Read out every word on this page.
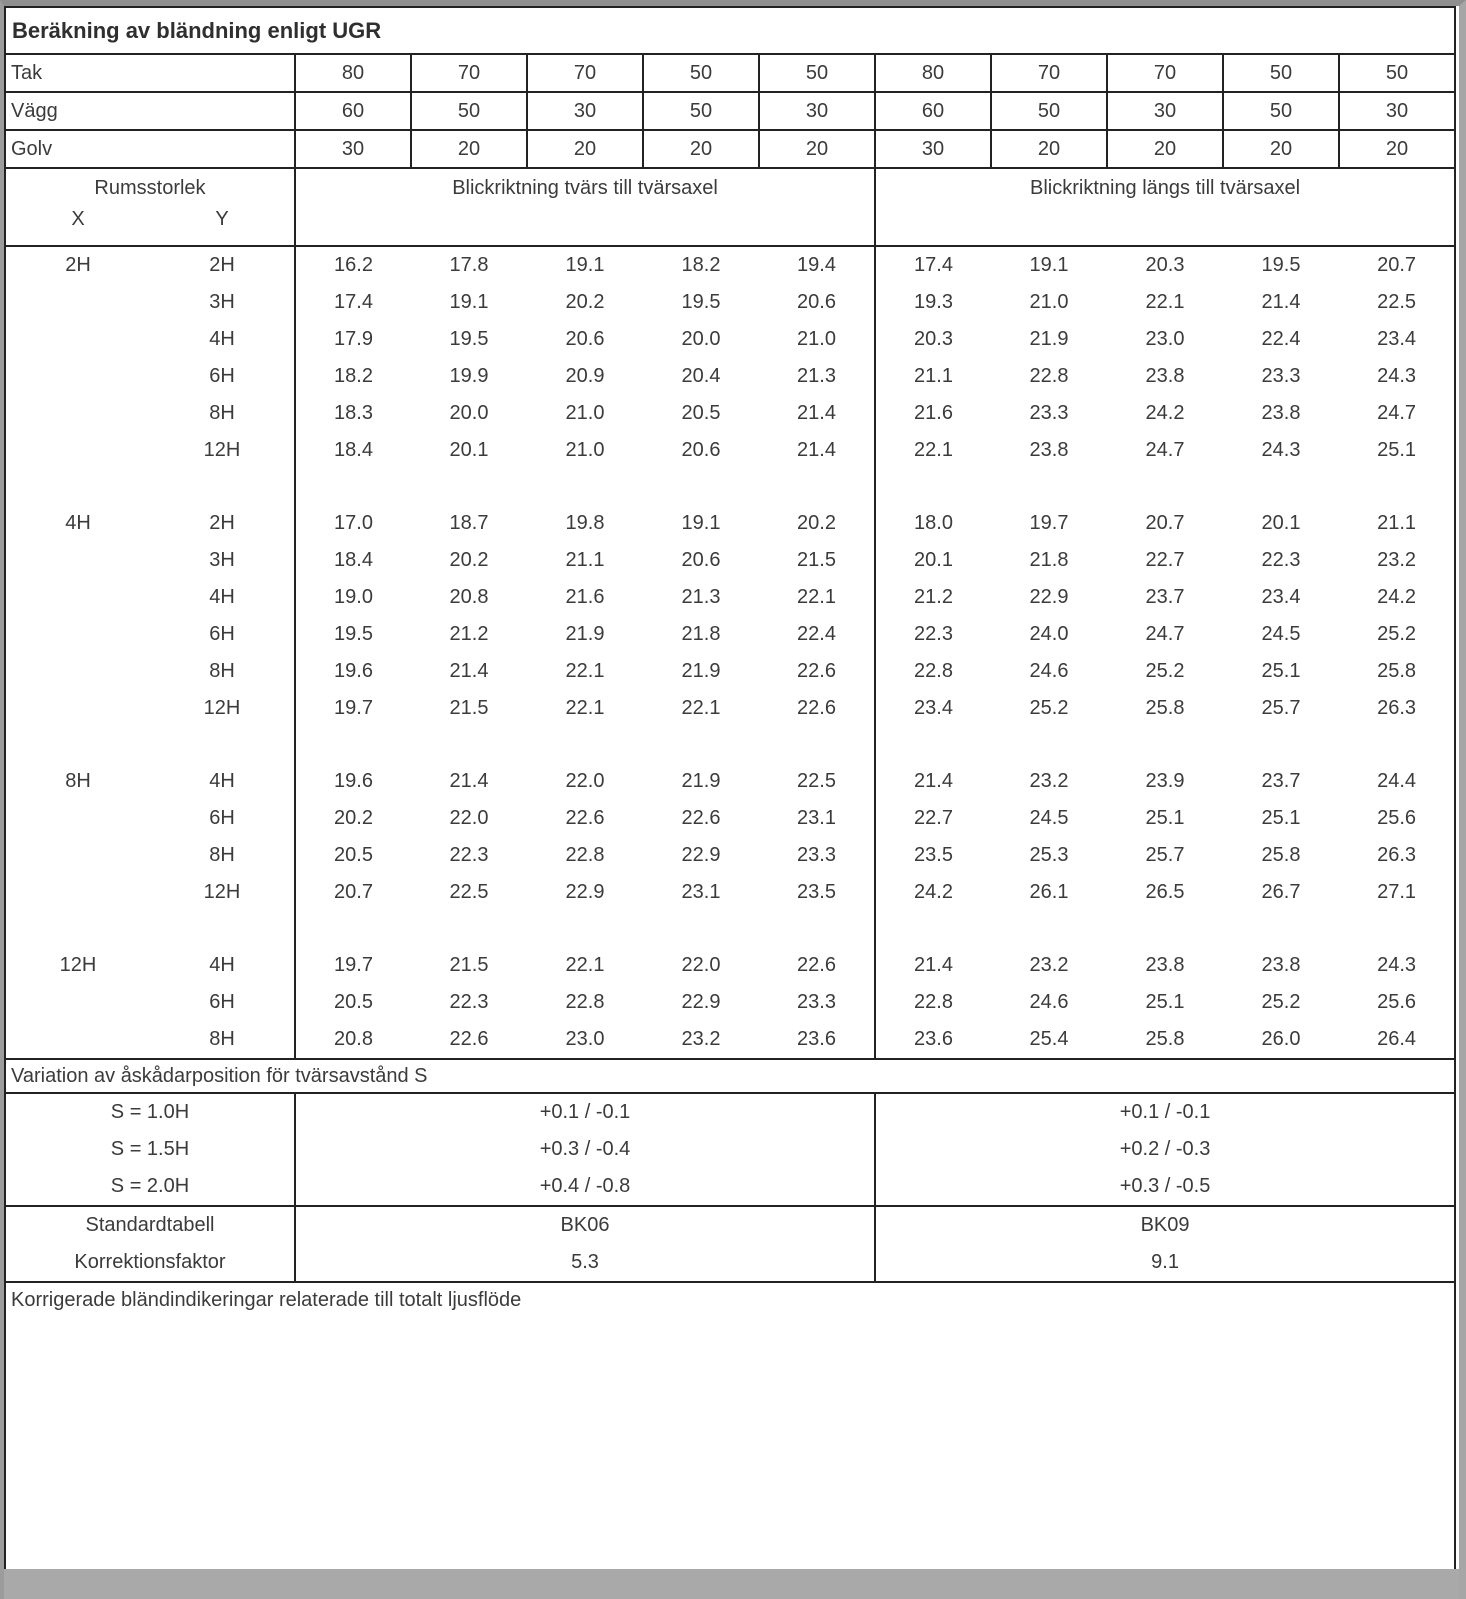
Beräkning av bländning enligt UGR											
Tak		80	70	70	50	50	80	70	70	50	50
Vägg		60	50	30	50	30	60	50	30	50	30
Golv		30	20	20	20	20	30	20	20	20	20

Rumsstorlek
X Y		Blickriktning tvärs till tvärsaxel					Blickriktning längs till tvärsaxel				
2H	2H	16.2	17.8	19.1	18.2	19.4	17.4	19.1	20.3	19.5	20.7
	3H	17.4	19.1	20.2	19.5	20.6	19.3	21.0	22.1	21.4	22.5
	4H	17.9	19.5	20.6	20.0	21.0	20.3	21.9	23.0	22.4	23.4
	6H	18.2	19.9	20.9	20.4	21.3	21.1	22.8	23.8	23.3	24.3
	8H	18.3	20.0	21.0	20.5	21.4	21.6	23.3	24.2	23.8	24.7
	12H	18.4	20.1	21.0	20.6	21.4	22.1	23.8	24.7	24.3	25.1

4H	2H	17.0	18.7	19.8	19.1	20.2	18.0	19.7	20.7	20.1	21.1
	3H	18.4	20.2	21.1	20.6	21.5	20.1	21.8	22.7	22.3	23.2
	4H	19.0	20.8	21.6	21.3	22.1	21.2	22.9	23.7	23.4	24.2
	6H	19.5	21.2	21.9	21.8	22.4	22.3	24.0	24.7	24.5	25.2
	8H	19.6	21.4	22.1	21.9	22.6	22.8	24.6	25.2	25.1	25.8
	12H	19.7	21.5	22.1	22.1	22.6	23.4	25.2	25.8	25.7	26.3

8H	4H	19.6	21.4	22.0	21.9	22.5	21.4	23.2	23.9	23.7	24.4
	6H	20.2	22.0	22.6	22.6	23.1	22.7	24.5	25.1	25.1	25.6
	8H	20.5	22.3	22.8	22.9	23.3	23.5	25.3	25.7	25.8	26.3
	12H	20.7	22.5	22.9	23.1	23.5	24.2	26.1	26.5	26.7	27.1

12H	4H	19.7	21.5	22.1	22.0	22.6	21.4	23.2	23.8	23.8	24.3
	6H	20.5	22.3	22.8	22.9	23.3	22.8	24.6	25.1	25.2	25.6
	8H	20.8	22.6	23.0	23.2	23.6	23.6	25.4	25.8	26.0	26.4
Variation av åskådarposition för tvärsavstånd S											
S = 1.0H		+0.1 / -0.1					+0.1 / -0.1				
S = 1.5H		+0.3 / -0.4					+0.2 / -0.3				
S = 2.0H		+0.4 / -0.8					+0.3 / -0.5				
Standardtabell		BK06					BK09				
Korrektionsfaktor		5.3					9.1				
Korrigerade bländindikeringar relaterade till totalt ljusflöde											
